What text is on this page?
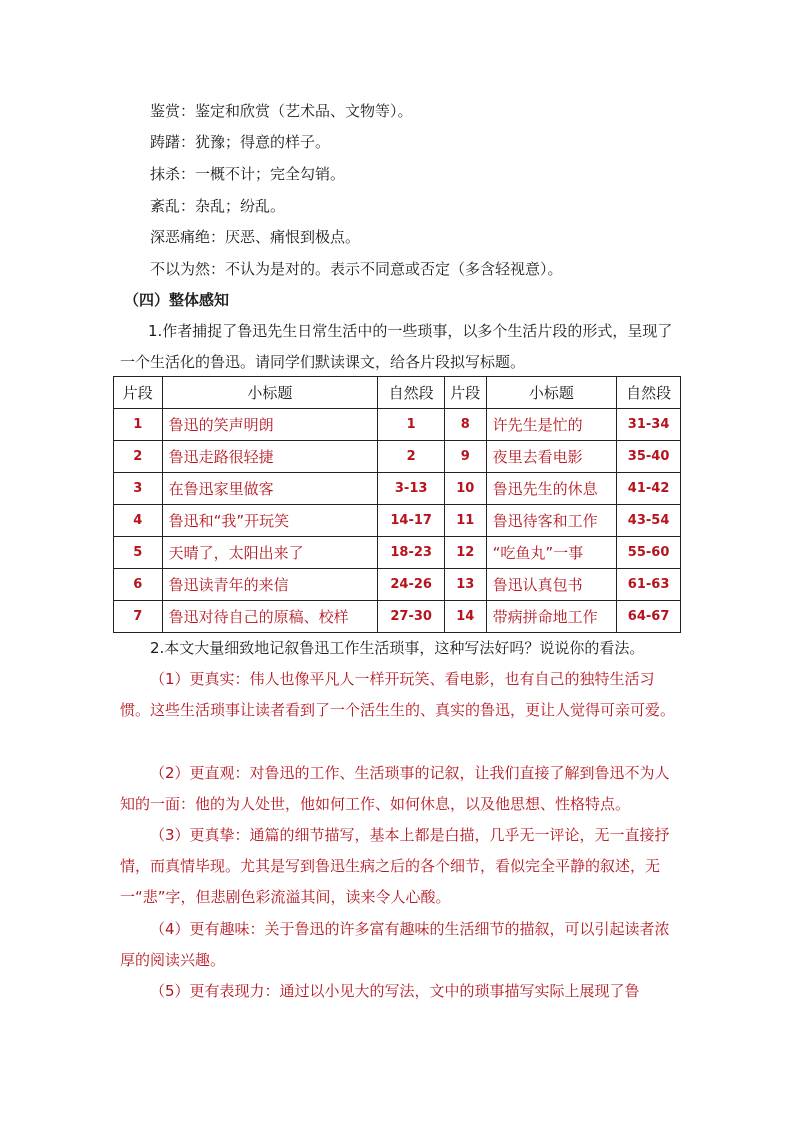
鉴赏：鉴定和欣赏（艺术品、文物等）。
踌躇：犹豫；得意的样子。
抹杀：一概不计；完全勾销。
紊乱：杂乱；纷乱。
深恶痛绝：厌恶、痛恨到极点。
不以为然：不认为是对的。表示不同意或否定（多含轻视意）。
（四）整体感知
1.作者捕捉了鲁迅先生日常生活中的一些琐事，以多个生活片段的形式，呈现了一个生活化的鲁迅。请同学们默读课文，给各片段拟写标题。
片段	小标题	自然段	片段	小标题	自然段
1	鲁迅的笑声明朗	1	8	许先生是忙的	31-34
2	鲁迅走路很轻捷	2	9	夜里去看电影	35-40
3	在鲁迅家里做客	3-13	10	鲁迅先生的休息	41-42
4	鲁迅和“我”开玩笑	14-17	11	鲁迅待客和工作	43-54
5	天晴了，太阳出来了	18-23	12	“吃鱼丸”一事	55-60
6	鲁迅读青年的来信	24-26	13	鲁迅认真包书	61-63
7	鲁迅对待自己的原稿、校样	27-30	14	带病拼命地工作	64-67
2.本文大量细致地记叙鲁迅工作生活琐事，这种写法好吗？说说你的看法。
（1）更真实：伟人也像平凡人一样开玩笑、看电影，也有自己的独特生活习惯。这些生活琐事让读者看到了一个活生生的、真实的鲁迅，更让人觉得可亲可爱。
（2）更直观：对鲁迅的工作、生活琐事的记叙，让我们直接了解到鲁迅不为人知的一面：他的为人处世，他如何工作、如何休息，以及他思想、性格特点。
（3）更真挚：通篇的细节描写，基本上都是白描，几乎无一评论，无一直接抒情，而真情毕现。尤其是写到鲁迅生病之后的各个细节，看似完全平静的叙述，无一“悲”字，但悲剧色彩流溢其间，读来令人心酸。
（4）更有趣味：关于鲁迅的许多富有趣味的生活细节的描叙，可以引起读者浓厚的阅读兴趣。
（5）更有表现力：通过以小见大的写法，文中的琐事描写实际上展现了鲁
